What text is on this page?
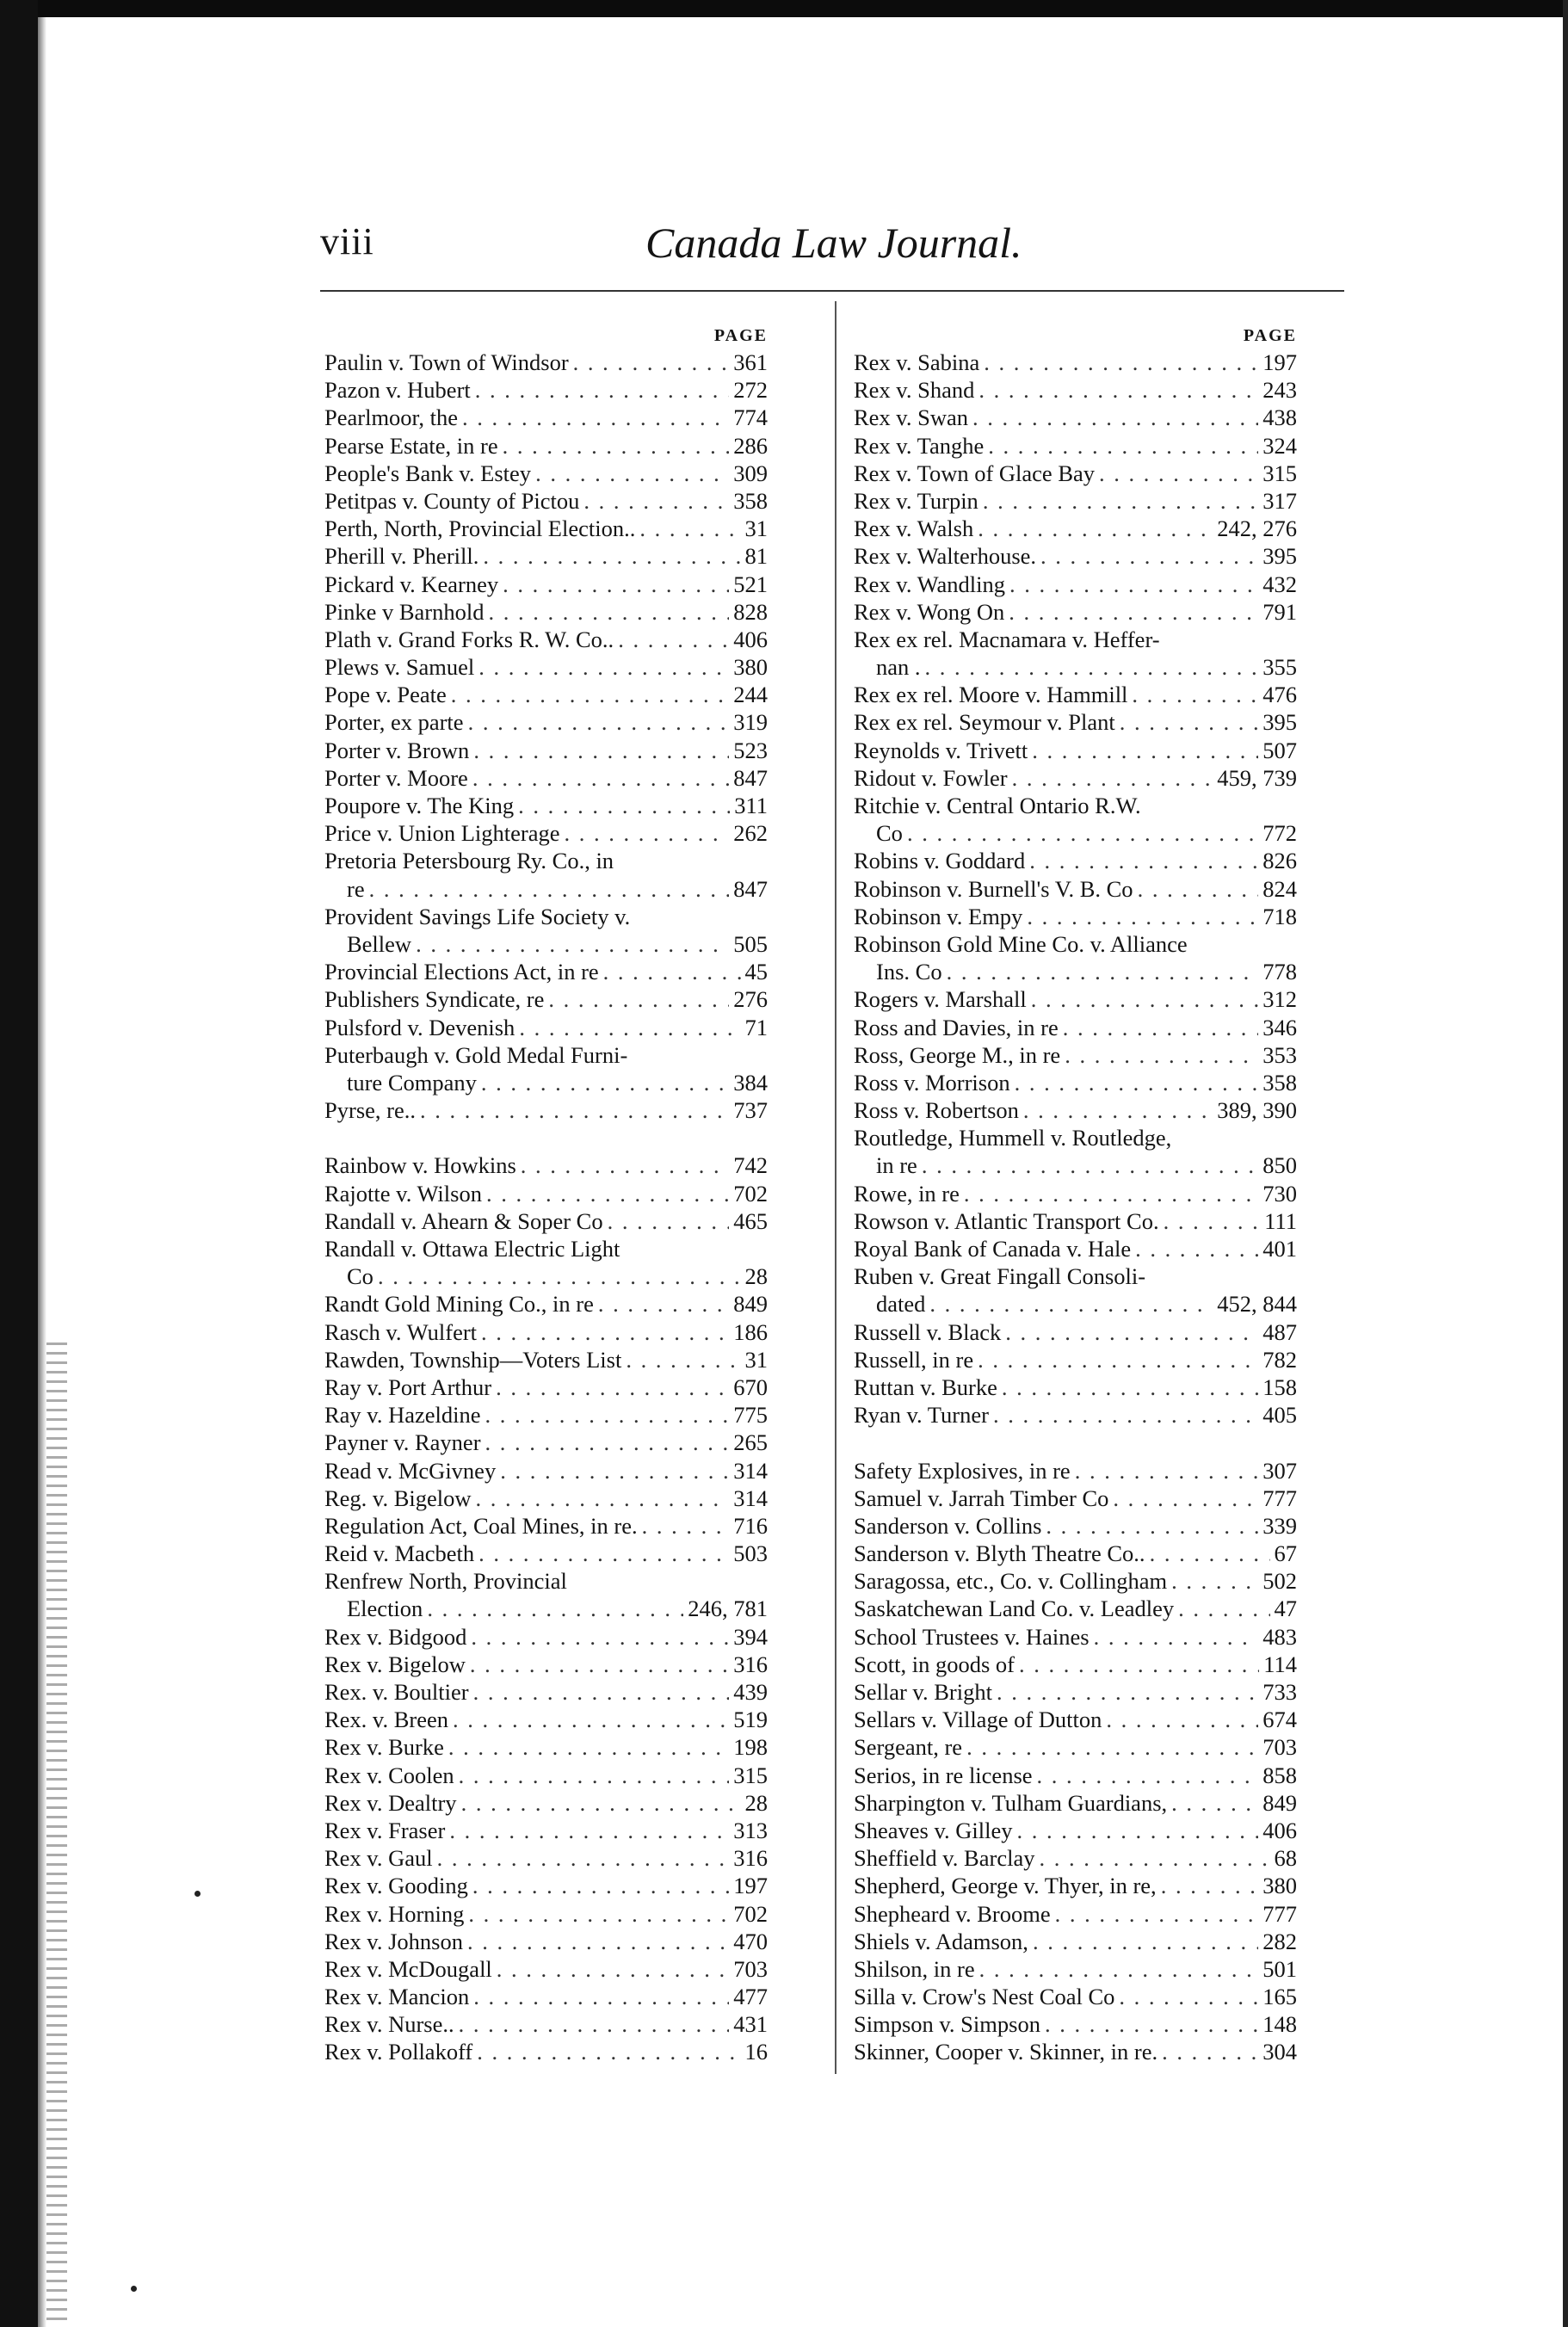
viii	Canada Law Journal.
PAGE
Paulin v. Town of Windsor . . .	361
Pazon v. Hubert . . .	272
Pearlmoor, the . . .	774
Pearse Estate, in re . . .	286
People's Bank v. Estey . . .	309
Petitpas v. County of Pictou . . .	358
Perth, North, Provincial Election.. . . .	31
Pherill v. Pherill. . . .	81
Pickard v. Kearney . . .	521
Pinke v Barnhold . . .	828
Plath v. Grand Forks R. W. Co.. . . .	406
Plews v. Samuel . . .	380
Pope v. Peate . . .	244
Porter, ex parte . . .	319
Porter v. Brown . . .	523
Porter v. Moore . . .	847
Poupore v. The King . . .	311
Price v. Union Lighterage . . .	262
Pretoria Petersbourg Ry. Co., in
re . . .	847
Provident Savings Life Society v.
Bellew . . .	505
Provincial Elections Act, in re . . .	45
Publishers Syndicate, re . . .	276
Pulsford v. Devenish . . .	71
Puterbaugh v. Gold Medal Furni-
ture Company . . .	384
Pyrse, re.. . . .	737
Rainbow v. Howkins . . .	742
Rajotte v. Wilson . . .	702
Randall v. Ahearn & Soper Co . . .	465
Randall v. Ottawa Electric Light
Co . . .	28
Randt Gold Mining Co., in re . . .	849
Rasch v. Wulfert . . .	186
Rawden, Township—Voters List . . .	31
Ray v. Port Arthur . . .	670
Ray v. Hazeldine . . .	775
Payner v. Rayner . . .	265
Read v. McGivney . . .	314
Reg. v. Bigelow . . .	314
Regulation Act, Coal Mines, in re. . . .	716
Reid v. Macbeth . . .	503
Renfrew North, Provincial
Election . . .	246, 781
Rex v. Bidgood . . .	394
Rex v. Bigelow . . .	316
Rex. v. Boultier . . .	439
Rex. v. Breen . . .	519
Rex v. Burke . . .	198
Rex v. Coolen . . .	315
Rex v. Dealtry . . .	28
Rex v. Fraser . . .	313
Rex v. Gaul . . .	316
Rex v. Gooding . . .	197
Rex v. Horning . . .	702
Rex v. Johnson . . .	470
Rex v. McDougall . . .	703
Rex v. Mancion . . .	477
Rex v. Nurse.. . . .	431
Rex v. Pollakoff . . .	16
PAGE
Rex v. Sabina . . .	197
Rex v. Shand . . .	243
Rex v. Swan . . .	438
Rex v. Tanghe . . .	324
Rex v. Town of Glace Bay . . .	315
Rex v. Turpin . . .	317
Rex v. Walsh . . .	242, 276
Rex v. Walterhouse. . . .	395
Rex v. Wandling . . .	432
Rex v. Wong On . . .	791
Rex ex rel. Macnamara v. Heffer-
nan . . . .	355
Rex ex rel. Moore v. Hammill . . .	476
Rex ex rel. Seymour v. Plant . . .	395
Reynolds v. Trivett . . .	507
Ridout v. Fowler . . .	459, 739
Ritchie v. Central Ontario R.W.
Co . . .	772
Robins v. Goddard . . .	826
Robinson v. Burnell's V. B. Co . . .	824
Robinson v. Empy . . .	718
Robinson Gold Mine Co. v. Alliance
Ins. Co . . .	778
Rogers v. Marshall . . .	312
Ross and Davies, in re . . .	346
Ross, George M., in re . . .	353
Ross v. Morrison . . .	358
Ross v. Robertson . . .	389, 390
Routledge, Hummell v. Routledge,
in re . . .	850
Rowe, in re . . .	730
Rowson v. Atlantic Transport Co. . . .	111
Royal Bank of Canada v. Hale . . .	401
Ruben v. Great Fingall Consoli-
dated . . .	452, 844
Russell v. Black . . .	487
Russell, in re . . .	782
Ruttan v. Burke . . .	158
Ryan v. Turner . . .	405
Safety Explosives, in re . . .	307
Samuel v. Jarrah Timber Co . . .	777
Sanderson v. Collins . . .	339
Sanderson v. Blyth Theatre Co.. . . .	67
Saragossa, etc., Co. v. Collingham . . .	502
Saskatchewan Land Co. v. Leadley . . .	47
School Trustees v. Haines . . .	483
Scott, in goods of . . .	114
Sellar v. Bright . . .	733
Sellars v. Village of Dutton . . .	674
Sergeant, re . . .	703
Serios, in re license . . .	858
Sharpington v. Tulham Guardians, . . .	849
Sheaves v. Gilley . . .	406
Sheffield v. Barclay . . .	68
Shepherd, George v. Thyer, in re, . . .	380
Shepheard v. Broome . . .	777
Shiels v. Adamson, . . .	282
Shilson, in re . . .	501
Silla v. Crow's Nest Coal Co . . .	165
Simpson v. Simpson . . .	148
Skinner, Cooper v. Skinner, in re. . . .	304
